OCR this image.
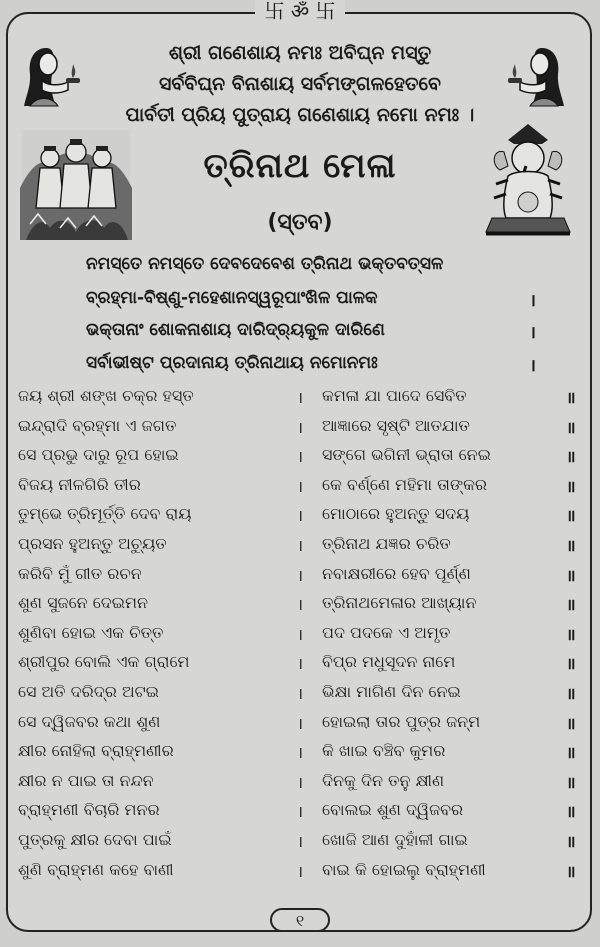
卐 ॐ 卐
ଶ୍ରୀ ଗଣେଶାୟ ନମଃ ଅବିଘ୍ନ ମସ୍ତୁ
ସର୍ବବିଘ୍ନ ବିନାଶାୟ ସର୍ବମଙ୍ଗଳହେତବେ
ପାର୍ବତୀ ପ୍ରିୟ ପୁତ୍ରାୟ ଗଣେଶାୟ ନମୋ ନମଃ ।
ତ୍ରିନାଥ ମେଳା
(ସ୍ତବ)
ନମସ୍ତେ ନମସ୍ତେ ଦେବଦେବେଶ ତ୍ରିନାଥ ଭକ୍ତବତ୍ସଳ
ବ୍ରହ୍ମା-ବିଷ୍ଣୁ-ମହେଶାନସ୍ୱରୂପାଂଖିଳ ପାଳକ	।
ଭକ୍ତାନାଂ ଶୋକନାଶାୟ ଦାରିଦ୍ର୍ୟକୁଳ ଦାରିଣେ	।
ସର୍ବାଭୀଷ୍ଟ ପ୍ରଦାନାୟ ତ୍ରିନାଥାୟ ନମୋନମଃ	।
ଜୟ ଶ୍ରୀ ଶଙ୍ଖ ଚକ୍ର ହସ୍ତ	। କମଳା ଯା ପାଦେ ସେବିତ	॥
ଇନ୍ଦ୍ରାଦି ବ୍ରହ୍ମା ଏ ଜଗତ	। ଆଜ୍ଞାରେ ସୃଷ୍ଟି ଆତଯାତ	॥
ସେ ପ୍ରଭୁ ଦାରୁ ରୂପ ହୋଇ	। ସଙ୍ଗେ ଭଗିନୀ ଭ୍ରାତା ନେଇ	॥
ବିଜୟ ନୀଳଗିରି ତୀର	। କେ ବର୍ଣ୍ଣେ ମହିମା ତାଙ୍କର	॥
ତୁମ୍ଭେ ତ୍ରିମୂର୍ତ୍ତି ଦେବ ରାୟ	। ମୋଠାରେ ହୁଅନ୍ତୁ ସଦୟ	॥
ପ୍ରସନ ହୁଅନ୍ତୁ ଅଚ୍ୟୁତ	। ତ୍ରିନାଥ ଯଜ୍ଞର ଚରିତ	॥
କରିବି ମୁଁ ଗୀତ ରଚନ	। ନବାକ୍ଷରୀରେ ହେବ ପୂର୍ଣ୍ଣ	॥
ଶୁଣ ସୁଜନେ ଦେଇମନ	। ତ୍ରିନାଥମେଳାର ଆଖ୍ୟାନ	॥
ଶୁଣିବା ହୋଇ ଏକ ଚିତ୍ତ	। ପଦ ପଦକେ ଏ ଅମୃତ	॥
ଶ୍ରୀପୁର ବୋଲି ଏକ ଗ୍ରାମେ	। ବିପ୍ର ମଧୁସୂଦନ ନାମେ	॥
ସେ ଅତି ଦରିଦ୍ର ଅଟଇ	। ଭିକ୍ଷା ମାଗିଣ ଦିନ ନେଇ	॥
ସେ ଦ୍ୱିଜବର କଥା ଶୁଣ	। ହୋଇଲା ତାର ପୁତ୍ର ଜନ୍ମ	॥
କ୍ଷୀର ନୋହିଲା ବ୍ରାହ୍ମଣୀର	। କି ଖାଇ ବଞ୍ଚିବ କୁମର	॥
କ୍ଷୀର ନ ପାଇ ତା ନନ୍ଦନ	। ଦିନକୁ ଦିନ ତନୁ କ୍ଷୀଣ	॥
ବ୍ରାହ୍ମଣୀ ବିଚାରି ମନର	। ବୋଲଇ ଶୁଣ ଦ୍ୱିଜବର	॥
ପୁତ୍ରକୁ କ୍ଷୀର ଦେବା ପାଇଁ	। ଖୋଜି ଆଣ ଦୁହାଁଳୀ ଗାଇ	॥
ଶୁଣି ବ୍ରାହ୍ମଣ କହେ ବାଣୀ	। ବାଇ କି ହୋଇଲୁ ବ୍ରାହ୍ମଣୀ	॥
୧
